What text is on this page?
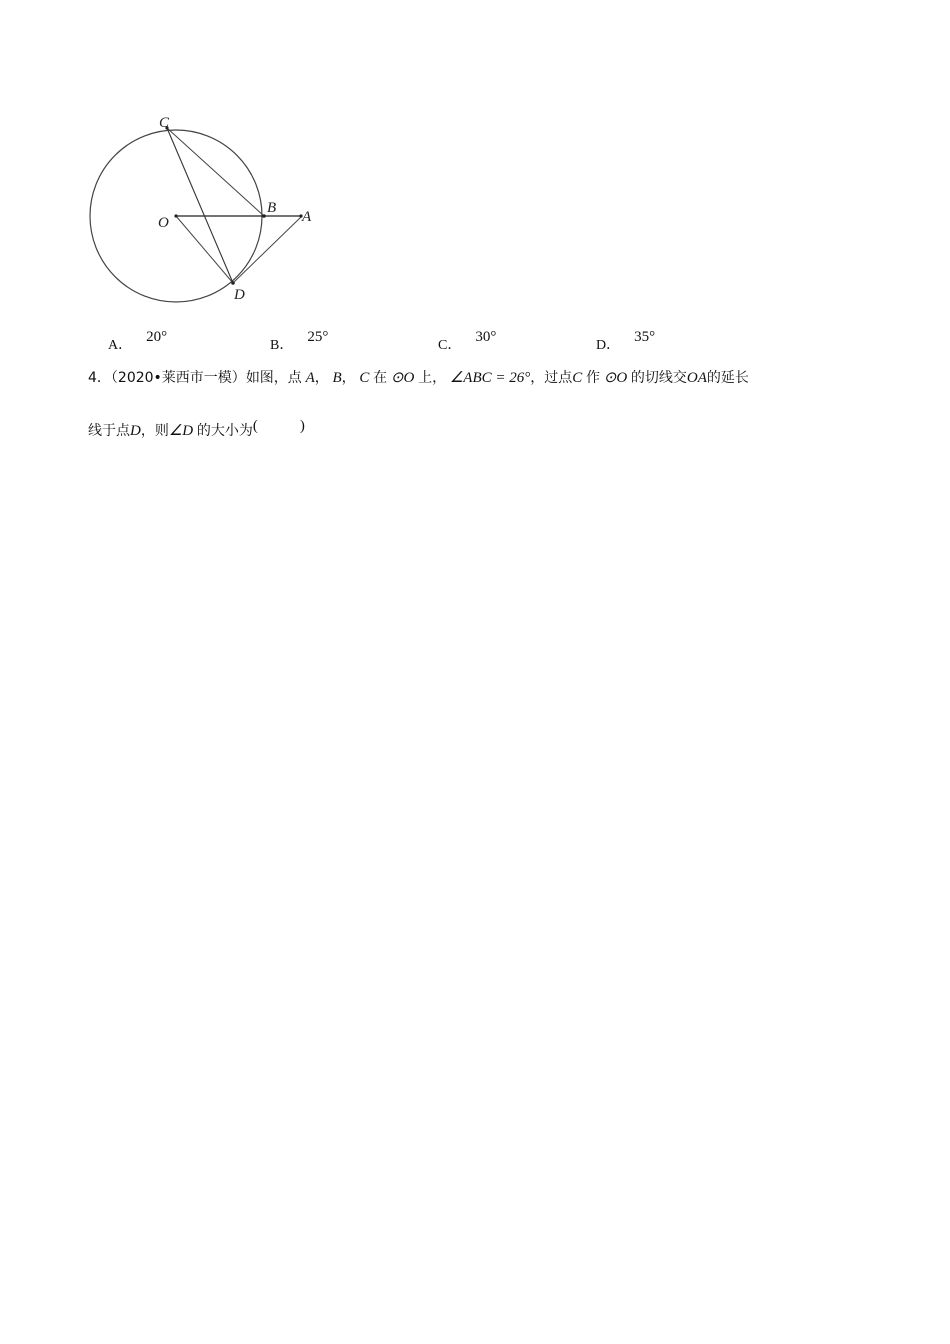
C
O
B
A
D
A．20°
B．25°
C．30°
D．35°
4．（2020•莱西市一模）如图，点 A， B， C 在 ⊙O 上， ∠ABC = 26°，过点C 作 ⊙O 的切线交OA的延长
线于点D，则∠D 的大小为(	)
